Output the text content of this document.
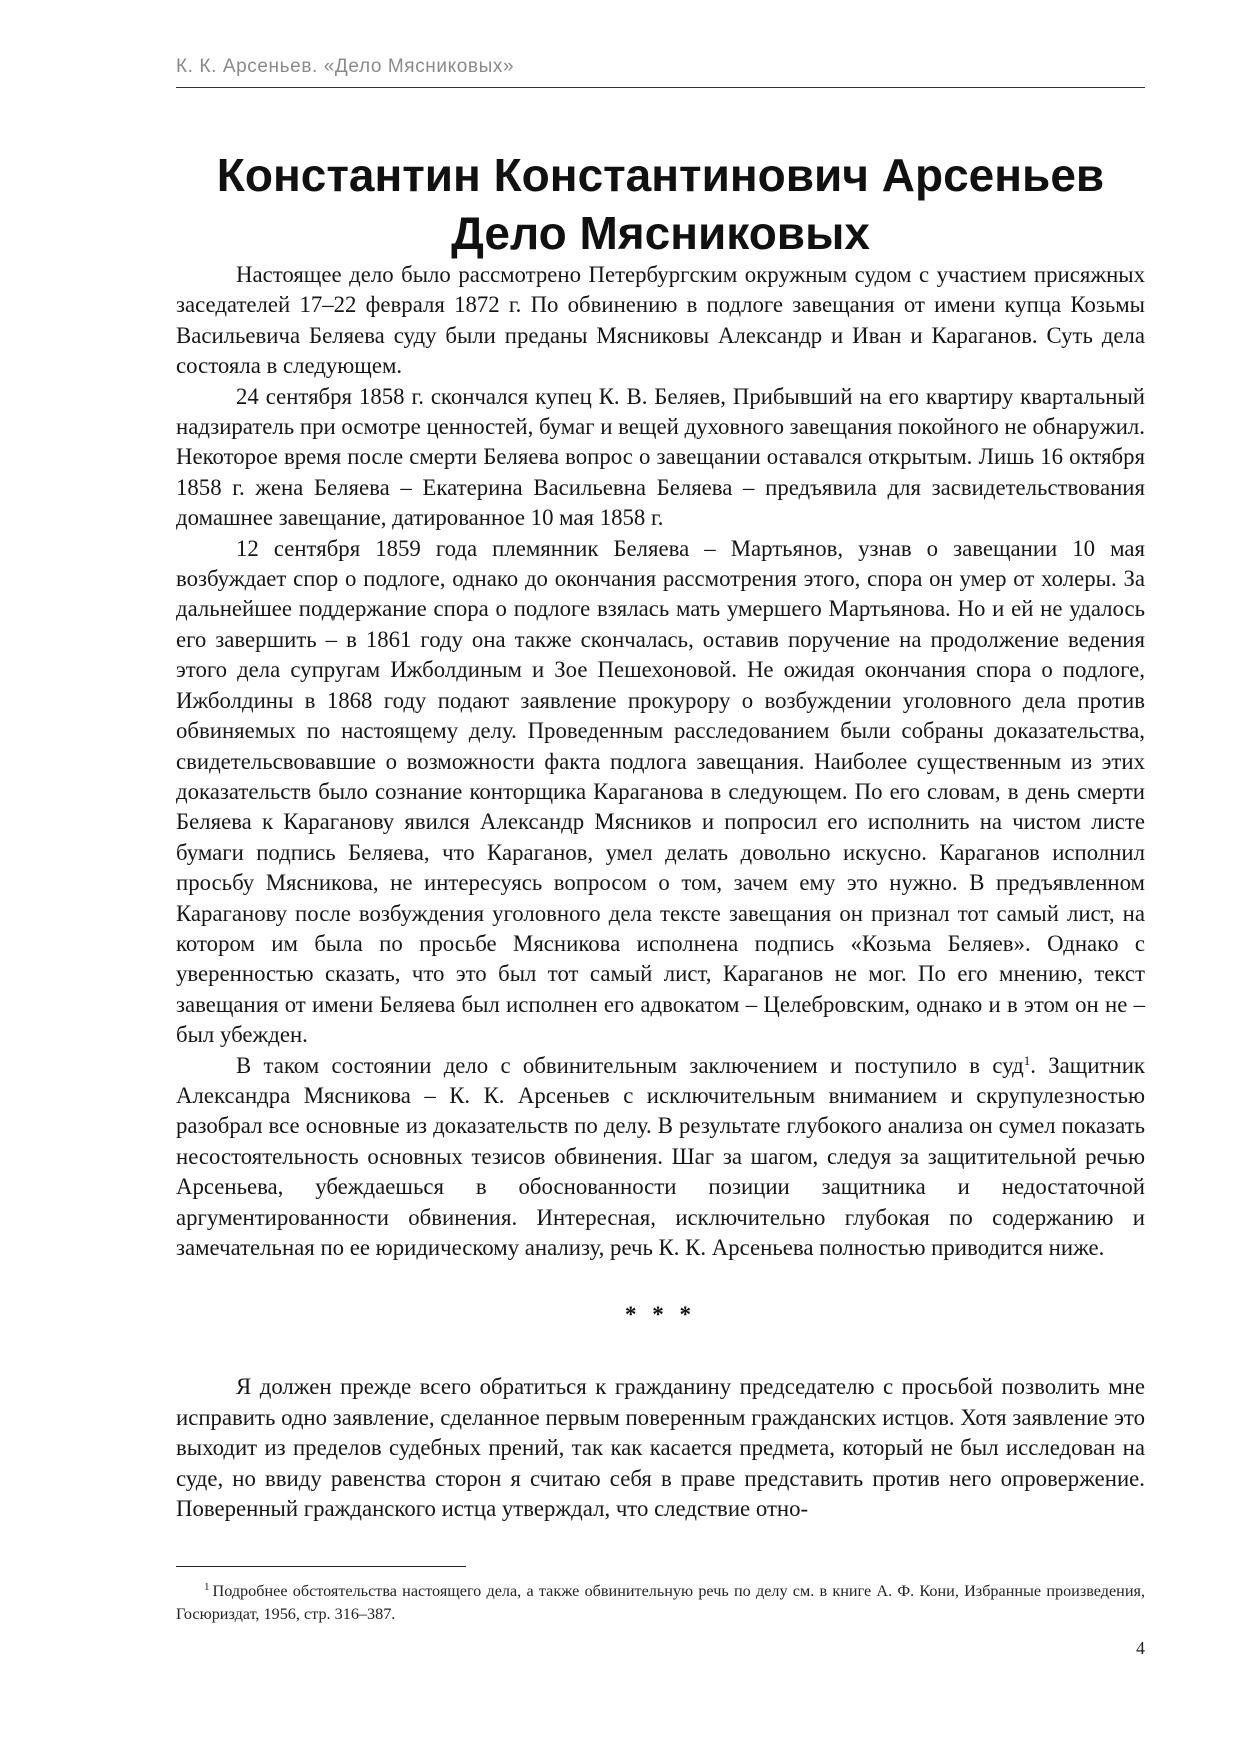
К. К. Арсеньев. «Дело Мясниковых»
Константин Константинович Арсеньев
Дело Мясниковых

Настоящее дело было рассмотрено Петербургским окружным судом с участием присяжных заседателей 17–22 февраля 1872 г. По обвинению в подлоге завещания от имени купца Козьмы Васильевича Беляева суду были преданы Мясниковы Александр и Иван и Караганов. Суть дела состояла в следующем.

24 сентября 1858 г. скончался купец К. В. Беляев, Прибывший на его квартиру квартальный надзиратель при осмотре ценностей, бумаг и вещей духовного завещания покойного не обнаружил. Некоторое время после смерти Беляева вопрос о завещании оставался открытым. Лишь 16 октября 1858 г. жена Беляева – Екатерина Васильевна Беляева – предъявила для засвидетельствования домашнее завещание, датированное 10 мая 1858 г.

12 сентября 1859 года племянник Беляева – Мартьянов, узнав о завещании 10 мая возбуждает спор о подлоге, однако до окончания рассмотрения этого, спора он умер от холеры. За дальнейшее поддержание спора о подлоге взялась мать умершего Мартьянова. Но и ей не удалось его завершить – в 1861 году она также скончалась, оставив поручение на продолжение ведения этого дела супругам Ижболдиным и Зое Пешехоновой. Не ожидая окончания спора о подлоге, Ижболдины в 1868 году подают заявление прокурору о возбуждении уголовного дела против обвиняемых по настоящему делу. Проведенным расследованием были собраны доказательства, свидетельсвовавшие о возможности факта подлога завещания. Наиболее существенным из этих доказательств было сознание конторщика Караганова в следующем. По его словам, в день смерти Беляева к Караганову явился Александр Мясников и попросил его исполнить на чистом листе бумаги подпись Беляева, что Караганов, умел делать довольно искусно. Караганов исполнил просьбу Мясникова, не интересуясь вопросом о том, зачем ему это нужно. В предъявленном Караганову после возбуждения уголовного дела тексте завещания он признал тот самый лист, на котором им была по просьбе Мясникова исполнена подпись «Козьма Беляев». Однако с уверенностью сказать, что это был тот самый лист, Караганов не мог. По его мнению, текст завещания от имени Беляева был исполнен его адвокатом – Целебровским, однако и в этом он не – был убежден.

В таком состоянии дело с обвинительным заключением и поступило в суд$^1$. Защитник Александра Мясникова – К. К. Арсеньев с исключительным вниманием и скрупулезностью разобрал все основные из доказательств по делу. В результате глубокого анализа он сумел показать несостоятельность основных тезисов обвинения. Шаг за шагом, следуя за защитительной речью Арсеньева, убеждаешься в обоснованности позиции защитника и недостаточной аргументированности обвинения. Интересная, исключительно глубокая по содержанию и замечательная по ее юридическому анализу, речь К. К. Арсеньева полностью приводится ниже.

* * *

Я должен прежде всего обратиться к гражданину председателю с просьбой позволить мне исправить одно заявление, сделанное первым поверенным гражданских истцов. Хотя заявление это выходит из пределов судебных прений, так как касается предмета, который не был исследован на суде, но ввиду равенства сторон я считаю себя в праве представить против него опровержение. Поверенный гражданского истца утверждал, что следствие отно-

$^1$ Подробнее обстоятельства настоящего дела, а также обвинительную речь по делу см. в книге А. Ф. Кони, Избранные произведения, Госюриздат, 1956, стр. 316–387.
4
